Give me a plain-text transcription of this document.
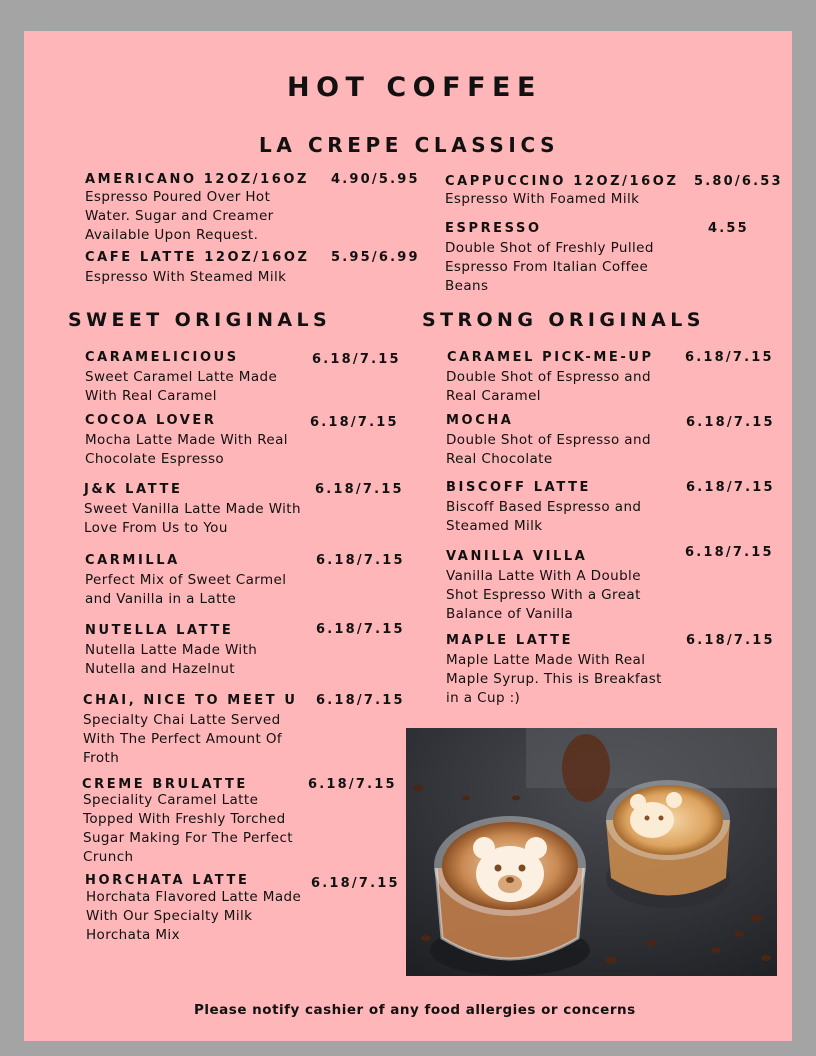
HOT COFFEE
LA CREPE CLASSICS
AMERICANO 12OZ/16OZ 4.90/5.95
Espresso Poured Over Hot
Water. Sugar and Creamer
Available Upon Request.
CAFE LATTE 12OZ/16OZ 5.95/6.99
Espresso With Steamed Milk
CAPPUCCINO 12OZ/16OZ 5.80/6.53
Espresso With Foamed Milk
ESPRESSO	4.55
Double Shot of Freshly Pulled
Espresso From Italian Coffee
Beans
SWEET ORIGINALS	STRONG ORIGINALS
CARAMELICIOUS	6.18/7.15
Sweet Caramel Latte Made
With Real Caramel
COCOA LOVER	6.18/7.15
Mocha Latte Made With Real
Chocolate Espresso
J&K LATTE	6.18/7.15
Sweet Vanilla Latte Made With
Love From Us to You
CARMILLA	6.18/7.15
Perfect Mix of Sweet Carmel
and Vanilla in a Latte
NUTELLA LATTE	6.18/7.15
Nutella Latte Made With
Nutella and Hazelnut
CHAI, NICE TO MEET U 6.18/7.15
Specialty Chai Latte Served
With The Perfect Amount Of
Froth
CREME BRULATTE	6.18/7.15
Speciality Caramel Latte
Topped With Freshly Torched
Sugar Making For The Perfect
Crunch
HORCHATA LATTE	6.18/7.15
Horchata Flavored Latte Made
With Our Specialty Milk
Horchata Mix
CARAMEL PICK-ME-UP 6.18/7.15
Double Shot of Espresso and
Real Caramel
MOCHA	6.18/7.15
Double Shot of Espresso and
Real Chocolate
BISCOFF LATTE	6.18/7.15
Biscoff Based Espresso and
Steamed Milk
VANILLA VILLA	6.18/7.15
Vanilla Latte With A Double
Shot Espresso With a Great
Balance of Vanilla
MAPLE LATTE	6.18/7.15
Maple Latte Made With Real
Maple Syrup. This is Breakfast
in a Cup :)
Please notify cashier of any food allergies or concerns
